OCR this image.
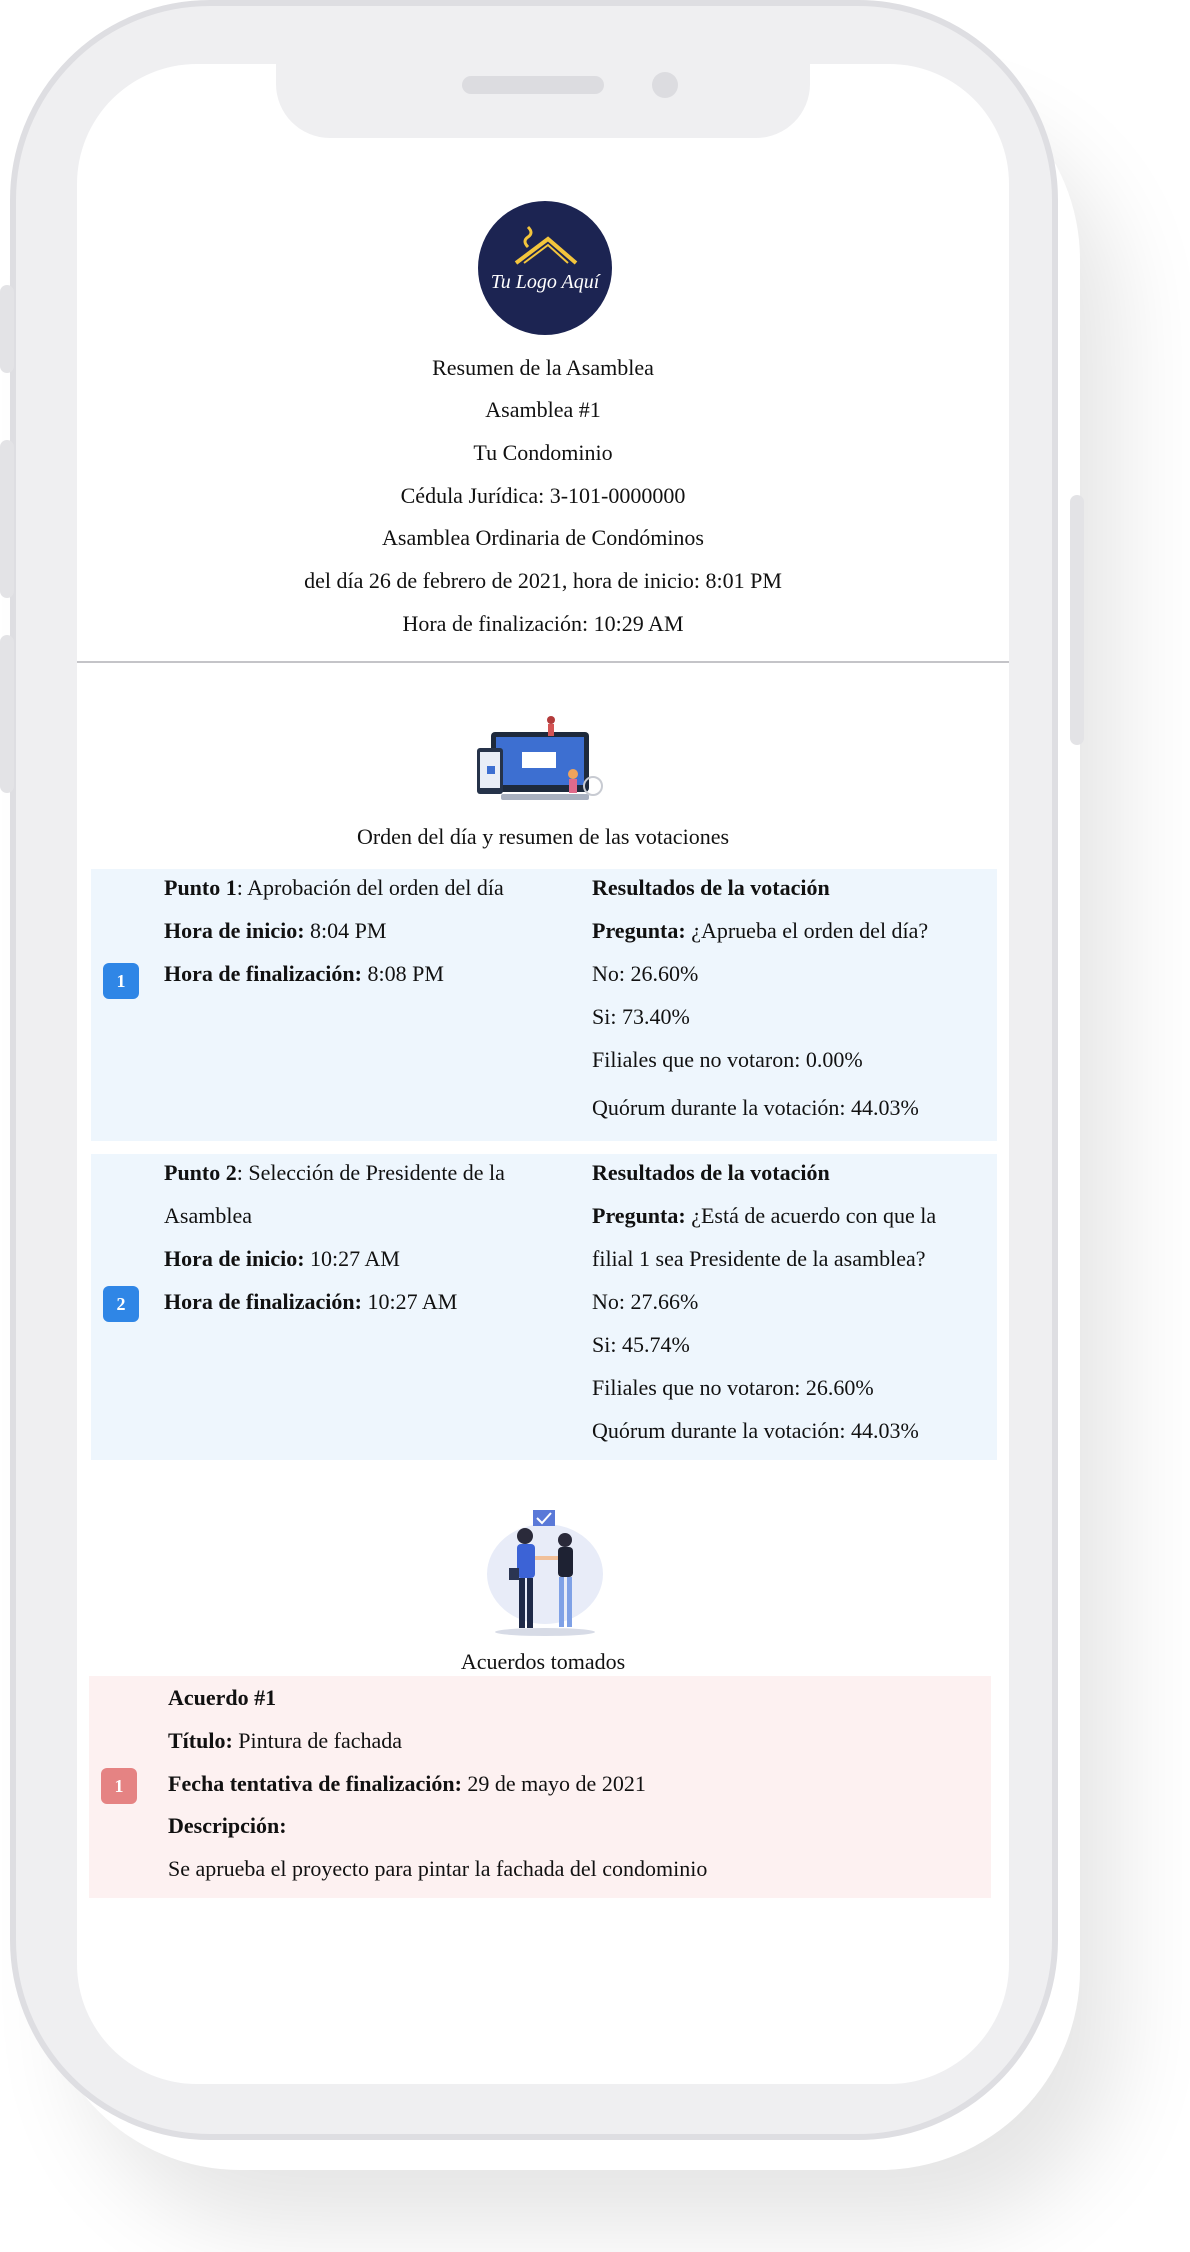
Tu Logo Aquí
Resumen de la Asamblea
Asamblea #1
Tu Condominio
Cédula Jurídica: 3-101-0000000
Asamblea Ordinaria de Condóminos
del día 26 de febrero de 2021, hora de inicio: 8:01 PM
Hora de finalización: 10:29 AM
Orden del día y resumen de las votaciones
1
Punto 1: Aprobación del orden del día
Hora de inicio: 8:04 PM
Hora de finalización: 8:08 PM
Resultados de la votación
Pregunta: ¿Aprueba el orden del día?
No: 26.60%
Si: 73.40%
Filiales que no votaron: 0.00%
Quórum durante la votación: 44.03%
2
Punto 2: Selección de Presidente de la
Asamblea
Hora de inicio: 10:27 AM
Hora de finalización: 10:27 AM
Resultados de la votación
Pregunta: ¿Está de acuerdo con que la
filial 1 sea Presidente de la asamblea?
No: 27.66%
Si: 45.74%
Filiales que no votaron: 26.60%
Quórum durante la votación: 44.03%
Acuerdos tomados
1
Acuerdo #1
Título: Pintura de fachada
Fecha tentativa de finalización: 29 de mayo de 2021
Descripción:
Se aprueba el proyecto para pintar la fachada del condominio
